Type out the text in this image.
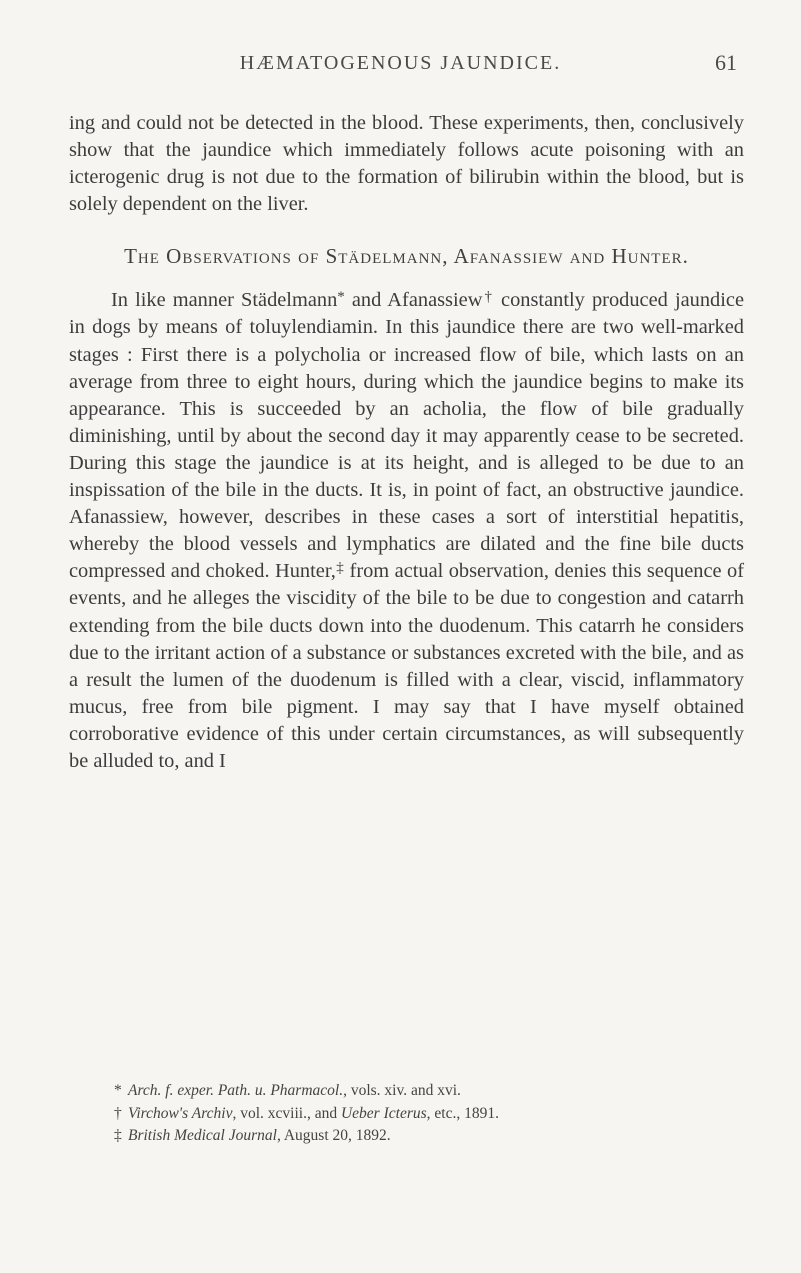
HÆMATOGENOUS JAUNDICE.	61

ing and could not be detected in the blood. These experiments, then, conclusively show that the jaundice which immediately follows acute poisoning with an icterogenic drug is not due to the formation of bilirubin within the blood, but is solely dependent on the liver.

The Observations of Städelmann, Afanassiew and Hunter.

In like manner Städelmann* and Afanassiew† constantly produced jaundice in dogs by means of toluylendiamin. In this jaundice there are two well-marked stages : First there is a polycholia or increased flow of bile, which lasts on an average from three to eight hours, during which the jaundice begins to make its appearance. This is succeeded by an acholia, the flow of bile gradually diminishing, until by about the second day it may apparently cease to be secreted. During this stage the jaundice is at its height, and is alleged to be due to an inspissation of the bile in the ducts. It is, in point of fact, an obstructive jaundice. Afanassiew, however, describes in these cases a sort of interstitial hepatitis, whereby the blood vessels and lymphatics are dilated and the fine bile ducts compressed and choked. Hunter,‡ from actual observation, denies this sequence of events, and he alleges the viscidity of the bile to be due to congestion and catarrh extending from the bile ducts down into the duodenum. This catarrh he considers due to the irritant action of a substance or substances excreted with the bile, and as a result the lumen of the duodenum is filled with a clear, viscid, inflammatory mucus, free from bile pigment. I may say that I have myself obtained corroborative evidence of this under certain circumstances, as will subsequently be alluded to, and I

* Arch. f. exper. Path. u. Pharmacol., vols. xiv. and xvi.

† Virchow's Archiv, vol. xcviii., and Ueber Icterus, etc., 1891.

‡ British Medical Journal, August 20, 1892.
